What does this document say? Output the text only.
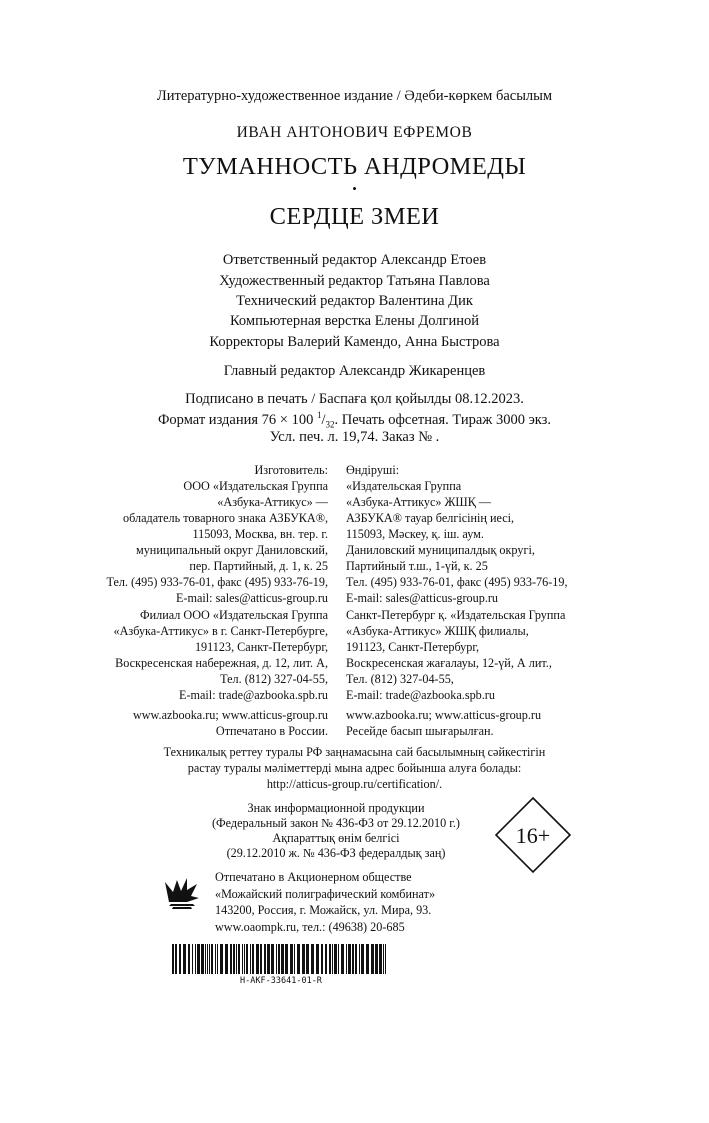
Литературно-художественное издание / Әдеби-көркем басылым
ИВАН АНТОНОВИЧ ЕФРЕМОВ
ТУМАННОСТЬ АНДРОМЕДЫ
•
СЕРДЦЕ ЗМЕИ
Ответственный редактор Александр Етоев
Художественный редактор Татьяна Павлова
Технический редактор Валентина Дик
Компьютерная верстка Елены Долгиной
Корректоры Валерий Камендо, Анна Быстрова
Главный редактор Александр Жикаренцев
Подписано в печать / Баспаға қол қойылды 08.12.2023.
Формат издания 76 × 100 $^1/_{32}$. Печать офсетная. Тираж 3000 экз.
Усл. печ. л. 19,74. Заказ № .
Изготовитель:
ООО «Издательская Группа
«Азбука-Аттикус» —
обладатель товарного знака АЗБУКА®,
115093, Москва, вн. тер. г.
муниципальный округ Даниловский,
пер. Партийный, д. 1, к. 25
Тел. (495) 933-76-01, факс (495) 933-76-19,
E-mail: sales@atticus-group.ru
Өндіруші:
«Издательская Группа
«Азбука-Аттикус» ЖШҚ —
АЗБУКА® тауар белгісінің иесі,
115093, Мәскеу, қ. іш. аум.
Даниловский муниципалдық округі,
Партийный т.ш., 1-үй, к. 25
Тел. (495) 933-76-01, факс (495) 933-76-19,
E-mail: sales@atticus-group.ru
Филиал ООО «Издательская Группа
«Азбука-Аттикус» в г. Санкт-Петербурге,
191123, Санкт-Петербург,
Воскресенская набережная, д. 12, лит. А,
Тел. (812) 327-04-55,
E-mail: trade@azbooka.spb.ru
Санкт-Петербург қ. «Издательская Группа
«Азбука-Аттикус» ЖШҚ филиалы,
191123, Санкт-Петербург,
Воскресенская жағалауы, 12-үй, А лит.,
Тел. (812) 327-04-55,
E-mail: trade@azbooka.spb.ru
www.azbooka.ru; www.atticus-group.ru
Отпечатано в России.
www.azbooka.ru; www.atticus-group.ru
Ресейде басып шығарылған.
Техникалық реттеу туралы РФ заңнамасына сай басылымның сәйкестігін
растау туралы мәліметтерді мына адрес бойынша алуға болады:
http://atticus-group.ru/certification/.
Знак информационной продукции
(Федеральный закон № 436-ФЗ от 29.12.2010 г.)
Ақпараттық өнім белгісі
(29.12.2010 ж. № 436-ФЗ федералдық заң)
16+
Отпечатано в Акционерном обществе
«Можайский полиграфический комбинат»
143200, Россия, г. Можайск, ул. Мира, 93.
www.oaompk.ru, тел.: (49638) 20-685
H-AKF-33641-01-R
